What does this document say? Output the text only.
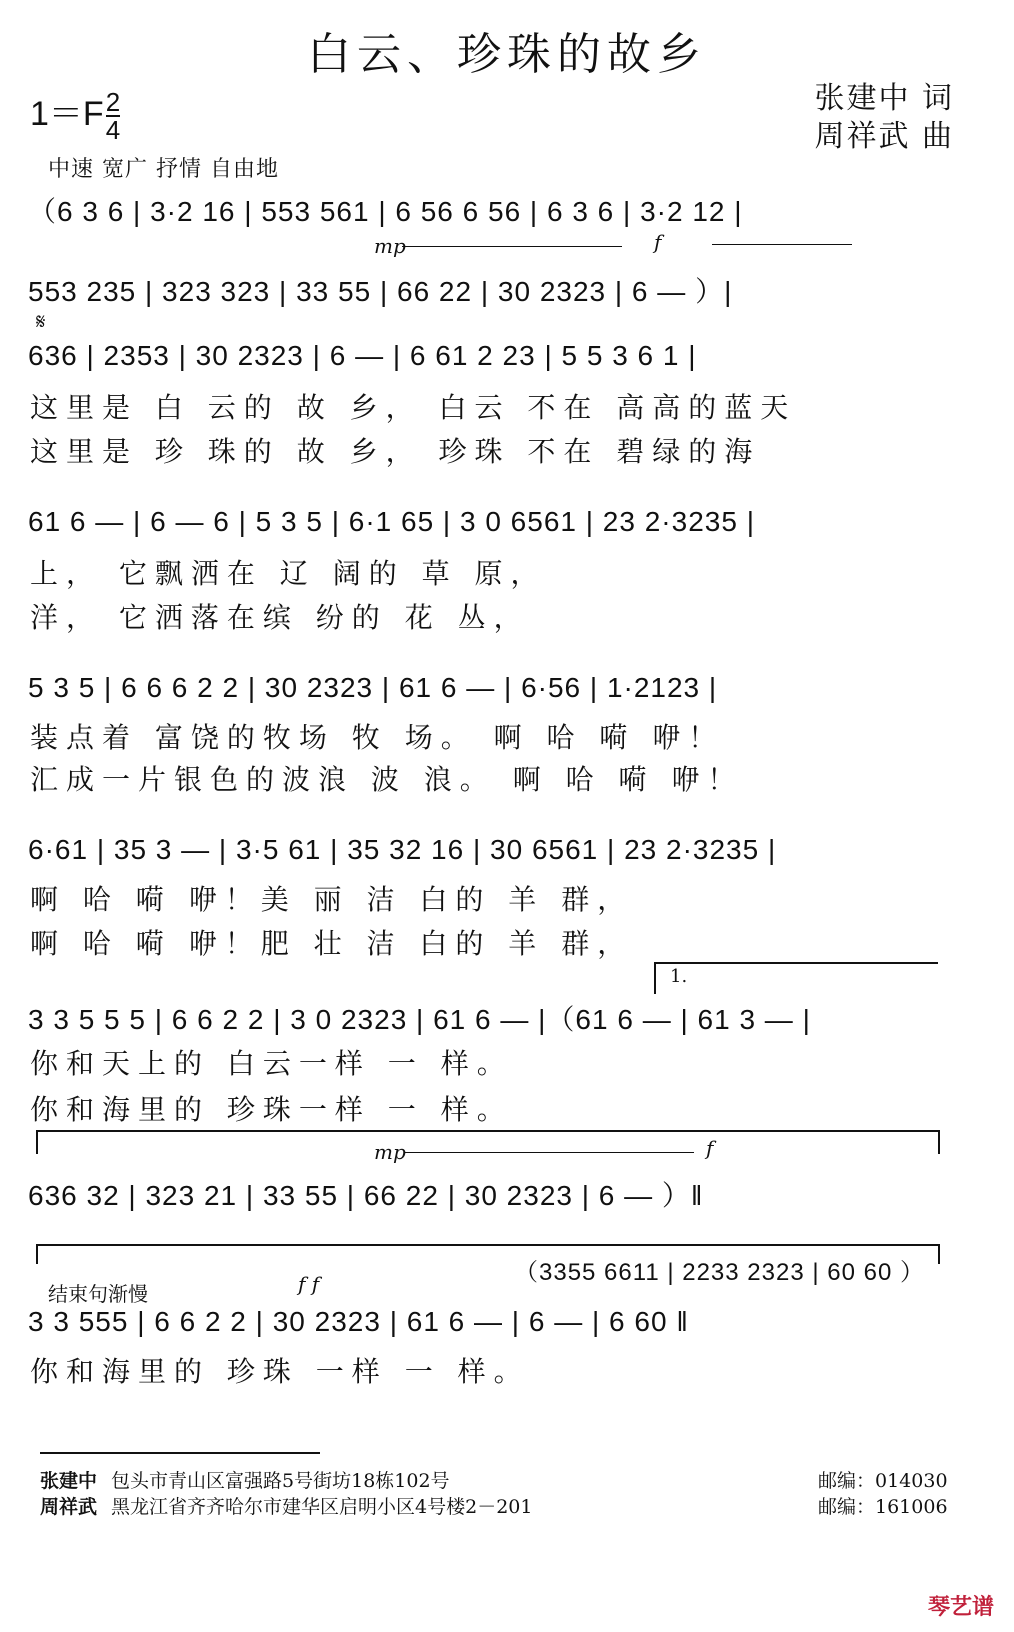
白云、珍珠的故乡
$1=F \frac{2}{4}$	张建中 词
周祥武 曲
中速 宽广 抒情 自由地
（6 3 6 | 3·2 16 | 553 561 | 6 56 6 56 | 6 3 6 | 3·2 12 |
mp	f
553 235 | 323 323 | 33 55 | 66 22 | 30 2323 | 6 — ）|
𝄋
636 | 2353 | 30 2323 | 6 — | 6 61 2 23 | 5 5 3 6 1 |
这里是 白 云的 故 乡， 白云 不在 高高的蓝天
这里是 珍 珠的 故 乡， 珍珠 不在 碧绿的海
61 6 — | 6 — 6 | 5 3 5 | 6·1 65 | 3 0 6561 | 23 2·3235 |
上， 它飘洒在 辽 阔的 草 原，
洋， 它洒落在缤 纷的 花 丛，
5 3 5 | 6 6 6 2 2 | 30 2323 | 61 6 — | 6·56 | 1·2123 |
装点着 富饶的牧场 牧 场。 啊 哈 嗬 咿！
汇成一片银色的波浪 波 浪。 啊 哈 嗬 咿！
6·61 | 35 3 — | 3·5 61 | 35 32 16 | 30 6561 | 23 2·3235 |
啊 哈 嗬 咿！美 丽 洁 白的 羊 群，
啊 哈 嗬 咿！肥 壮 洁 白的 羊 群，
1.
3 3 5 5 5 | 6 6 2 2 | 3 0 2323 | 61 6 — |（61 6 — | 61 3 — |
你和天上的 白云一样 一 样。
你和海里的 珍珠一样 一 样。
mp	f
636 32 | 323 21 | 33 55 | 66 22 | 30 2323 | 6 — ）‖
（3355 6611 | 2233 2323 | 60 60 ）
结束句渐慢	f f
3 3 555 | 6 6 2 2 | 30 2323 | 61 6 — | 6 — | 6 60 ‖
你和海里的 珍珠 一样 一 样。
张建中 包头市青山区富强路5号街坊18栋102号	邮编：014030
周祥武 黑龙江省齐齐哈尔市建华区启明小区4号楼2－201	邮编：161006
琴艺谱
